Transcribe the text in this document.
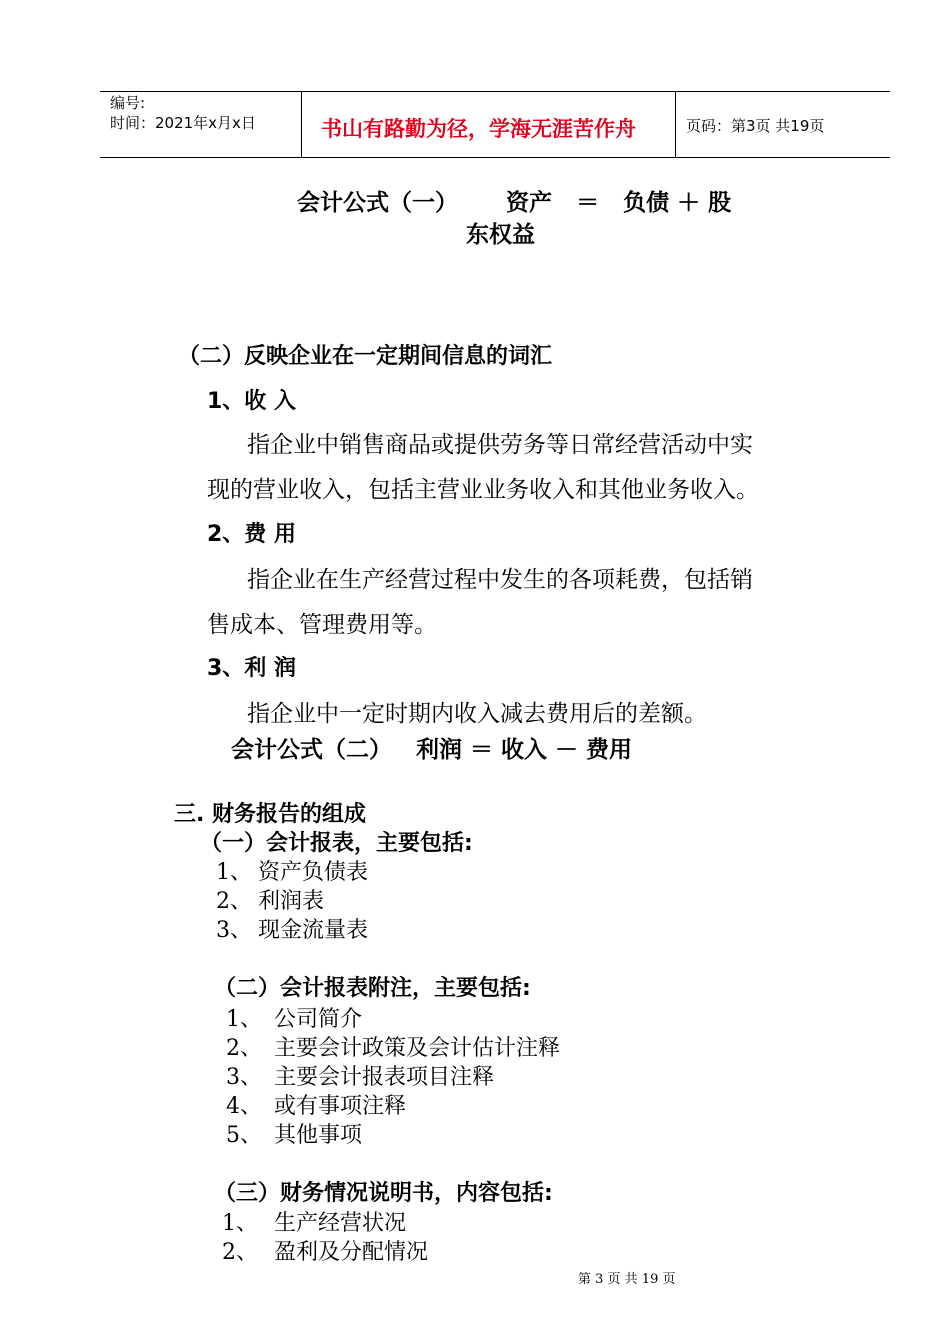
编号:
时间：2021年x月x日	书山有路勤为径，学海无涯苦作舟	页码：第3页 共19页
会计公式（一）      资产   ＝   负债 ＋ 股
东权益
（二）反映企业在一定期间信息的词汇
1、收 入
指企业中销售商品或提供劳务等日常经营活动中实
现的营业收入，包括主营业业务收入和其他业务收入。
2、费 用
指企业在生产经营过程中发生的各项耗费，包括销
售成本、管理费用等。
3、利 润
指企业中一定时期内收入减去费用后的差额。
会计公式（二）   利润 ＝ 收入 － 费用
三. 财务报告的组成
（一）会计报表，主要包括:
1、 资产负债表
2、 利润表
3、 现金流量表
（二）会计报表附注，主要包括:
1、 公司简介
2、 主要会计政策及会计估计注释
3、 主要会计报表项目注释
4、 或有事项注释
5、 其他事项
（三）财务情况说明书，内容包括:
1、 生产经营状况
2、 盈利及分配情况
第 3 页 共 19 页
